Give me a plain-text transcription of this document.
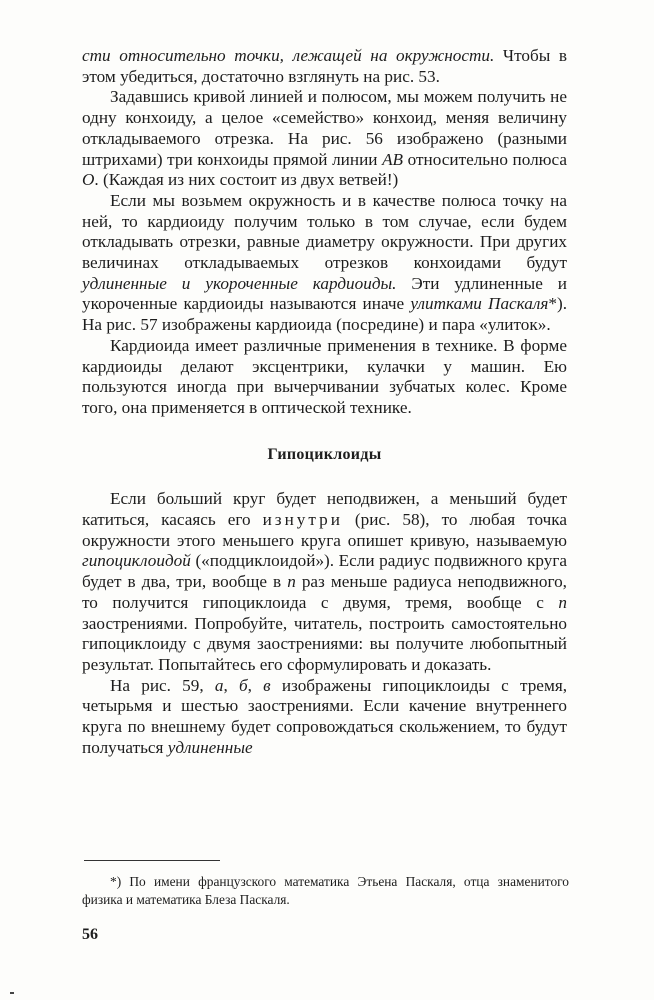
сти относительно точки, лежащей на окружности. Чтобы в этом убедиться, достаточно взглянуть на рис. 53.

Задавшись кривой линией и полюсом, мы можем получить не одну конхоиду, а целое «семейство» конхоид, меняя величину откладываемого отрезка. На рис. 56 изображено (разными штрихами) три конхоиды прямой линии AB относительно полюса O. (Каждая из них состоит из двух ветвей!)

Если мы возьмем окружность и в качестве полюса точку на ней, то кардиоиду получим только в том случае, если будем откладывать отрезки, равные диаметру окружности. При других величинах откладываемых отрезков конхоидами будут удлиненные и укороченные кардиоиды. Эти удлиненные и укороченные кардиоиды называются иначе улитками Паскаля*). На рис. 57 изображены кардиоида (посредине) и пара «улиток».

Кардиоида имеет различные применения в технике. В форме кардиоиды делают эксцентрики, кулачки у машин. Ею пользуются иногда при вычерчивании зубчатых колес. Кроме того, она применяется в оптической технике.

Гипоциклоиды

Если больший круг будет неподвижен, а меньший будет катиться, касаясь его изнутри (рис. 58), то любая точка окружности этого меньшего круга опишет кривую, называемую гипоциклоидой («подциклоидой»). Если радиус подвижного круга будет в два, три, вообще в n раз меньше радиуса неподвижного, то получится гипоциклоида с двумя, тремя, вообще с n заострениями. Попробуйте, читатель, построить самостоятельно гипоциклоиду с двумя заострениями: вы получите любопытный результат. Попытайтесь его сформулировать и доказать.

На рис. 59, а, б, в изображены гипоциклоиды с тремя, четырьмя и шестью заострениями. Если качение внутреннего круга по внешнему будет сопровождаться скольжением, то будут получаться удлиненные

*) По имени французского математика Этьена Паскаля, отца знаменитого физика и математика Блеза Паскаля.

56
